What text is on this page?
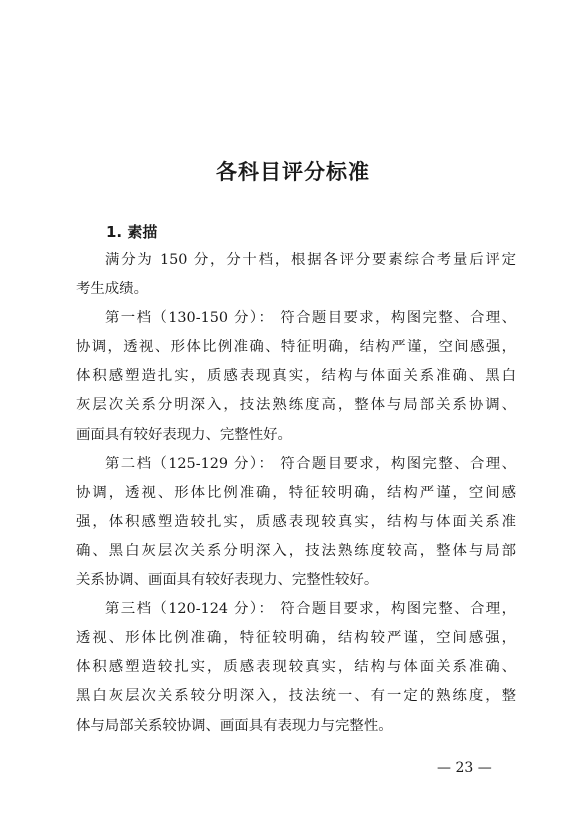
各科目评分标准
1. 素描
满分为 150 分，分十档，根据各评分要素综合考量后评定
考生成绩。
第一档（130-150 分）： 符合题目要求，构图完整、合理、
协调，透视、形体比例准确、特征明确，结构严谨，空间感强，
体积感塑造扎实，质感表现真实，结构与体面关系准确、黑白
灰层次关系分明深入，技法熟练度高，整体与局部关系协调、
画面具有较好表现力、完整性好。
第二档（125-129 分）： 符合题目要求，构图完整、合理、
协调，透视、形体比例准确，特征较明确，结构严谨，空间感
强，体积感塑造较扎实，质感表现较真实，结构与体面关系准
确、黑白灰层次关系分明深入，技法熟练度较高，整体与局部
关系协调、画面具有较好表现力、完整性较好。
第三档（120-124 分）： 符合题目要求，构图完整、合理，
透视、形体比例准确，特征较明确，结构较严谨，空间感强，
体积感塑造较扎实，质感表现较真实，结构与体面关系准确、
黑白灰层次关系较分明深入，技法统一、有一定的熟练度，整
体与局部关系较协调、画面具有表现力与完整性。
— 23 —
